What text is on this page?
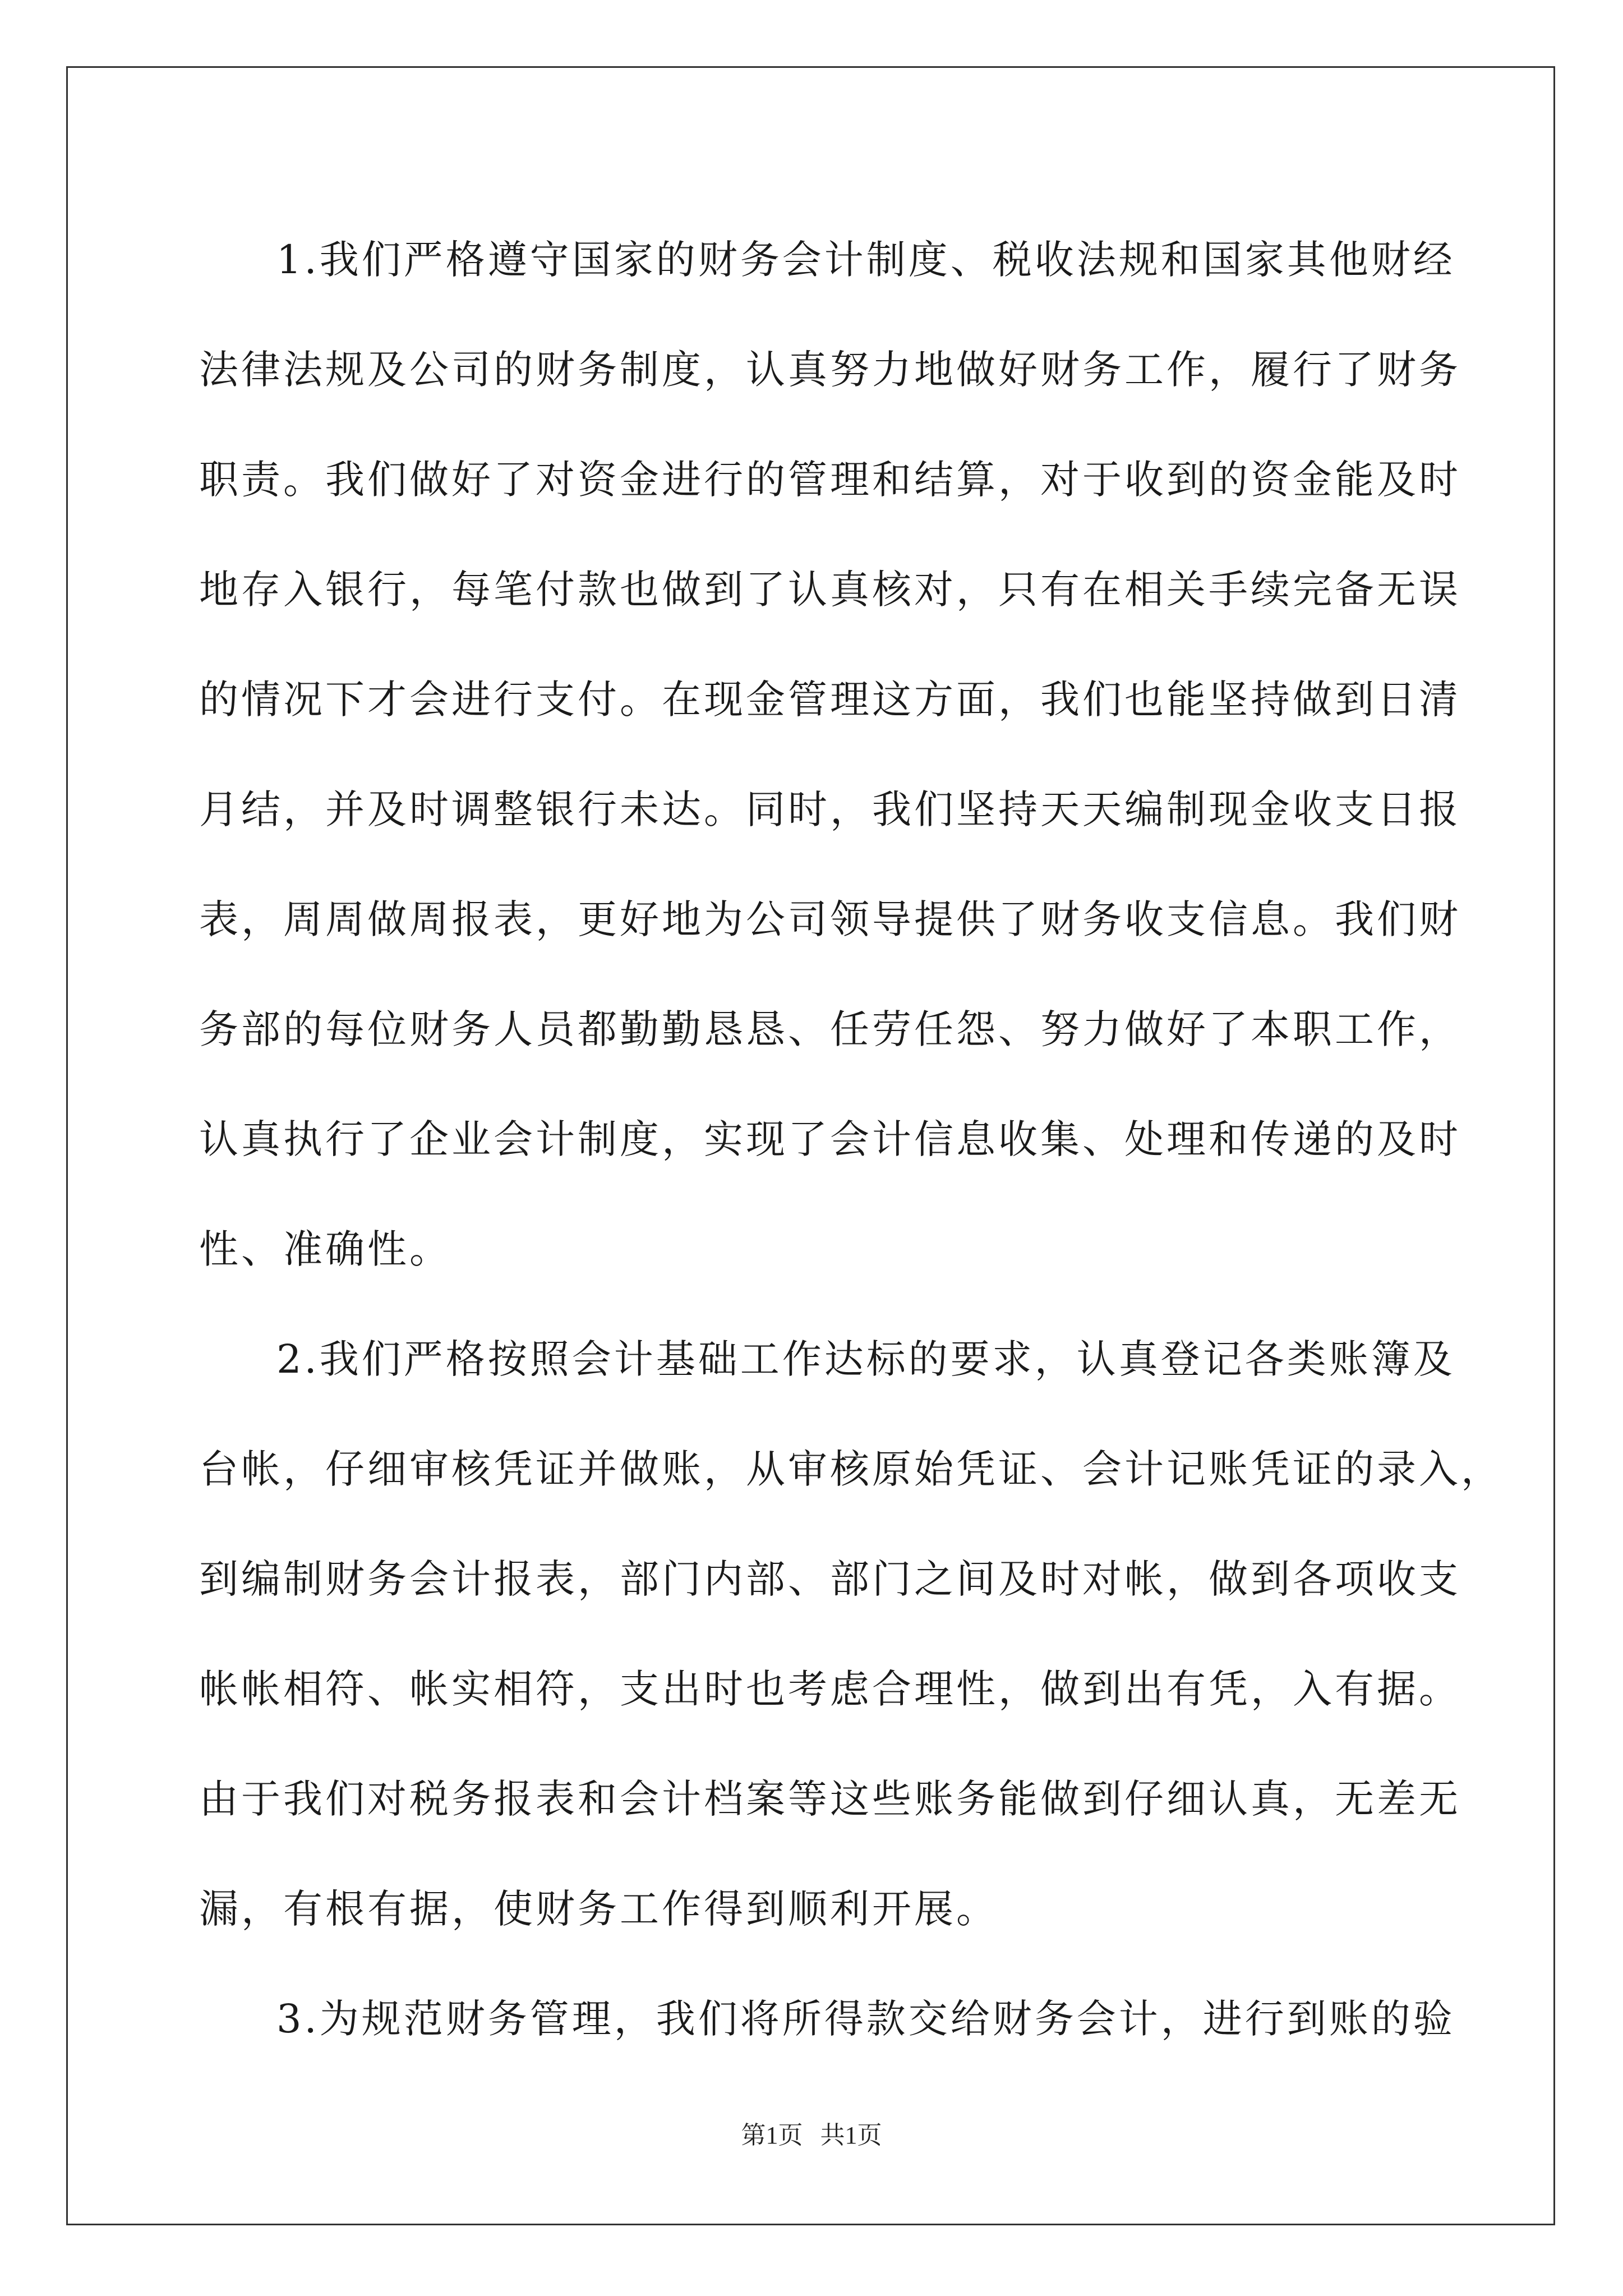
1.我们严格遵守国家的财务会计制度、税收法规和国家其他财经
法律法规及公司的财务制度，认真努力地做好财务工作，履行了财务
职责。我们做好了对资金进行的管理和结算，对于收到的资金能及时
地存入银行，每笔付款也做到了认真核对，只有在相关手续完备无误
的情况下才会进行支付。在现金管理这方面，我们也能坚持做到日清
月结，并及时调整银行未达。同时，我们坚持天天编制现金收支日报
表，周周做周报表，更好地为公司领导提供了财务收支信息。我们财
务部的每位财务人员都勤勤恳恳、任劳任怨、努力做好了本职工作，
认真执行了企业会计制度，实现了会计信息收集、处理和传递的及时
性、准确性。
2.我们严格按照会计基础工作达标的要求，认真登记各类账簿及
台帐，仔细审核凭证并做账，从审核原始凭证、会计记账凭证的录入，
到编制财务会计报表，部门内部、部门之间及时对帐，做到各项收支
帐帐相符、帐实相符，支出时也考虑合理性，做到出有凭，入有据。
由于我们对税务报表和会计档案等这些账务能做到仔细认真，无差无
漏，有根有据，使财务工作得到顺利开展。
3.为规范财务管理，我们将所得款交给财务会计，进行到账的验
第1页 共1页
